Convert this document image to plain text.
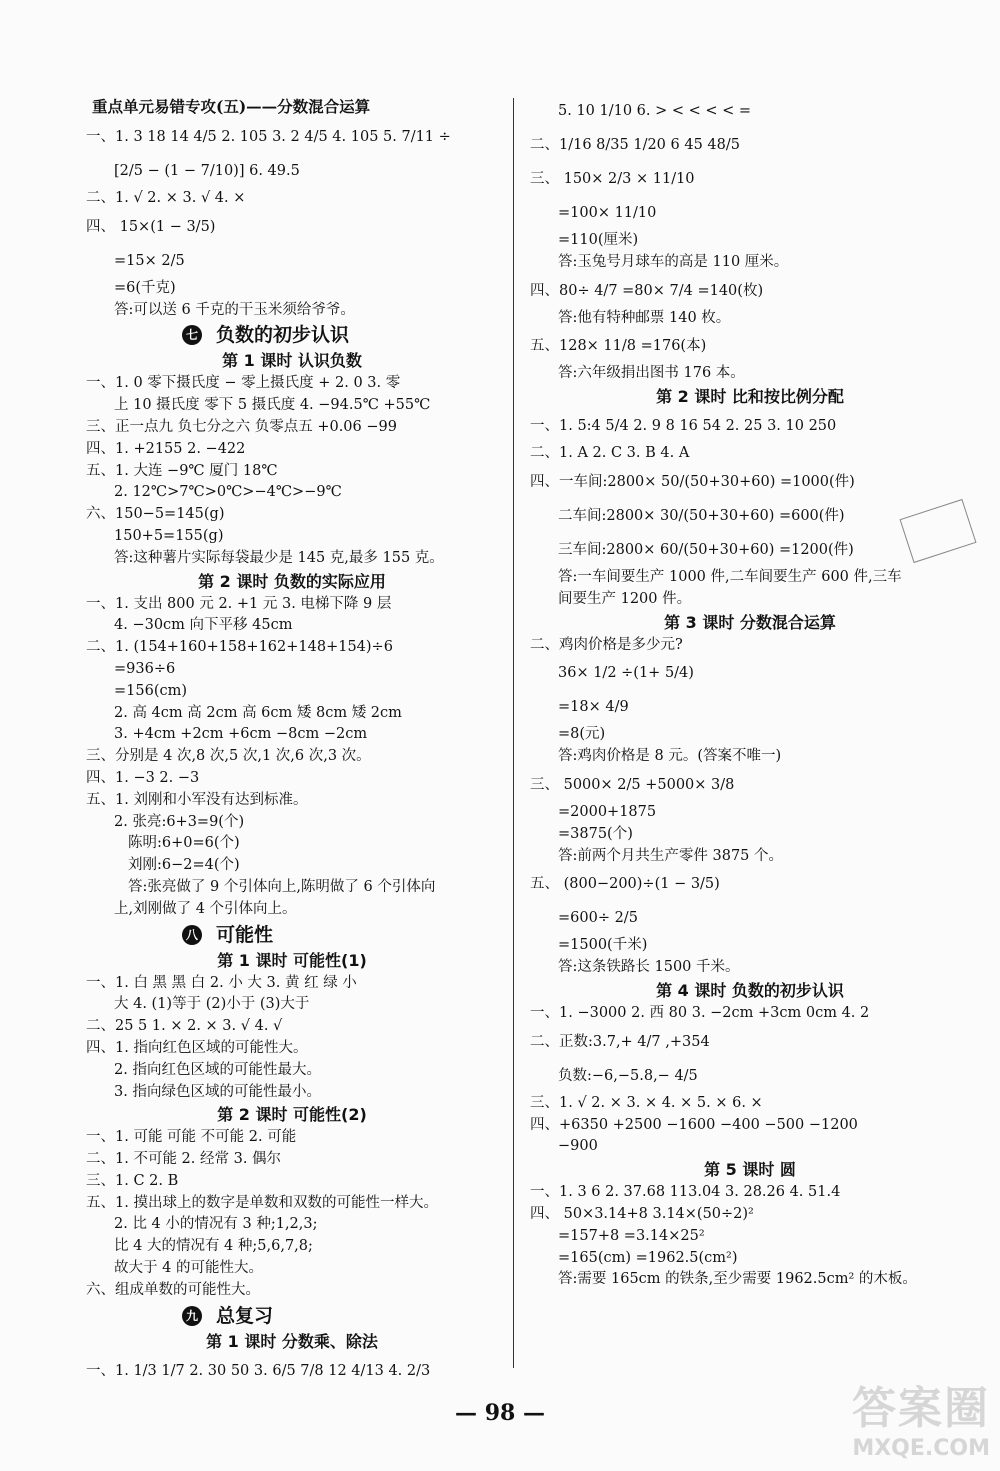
重点单元易错专攻(五)——分数混合运算
一、1. 3 18 14 4/5 2. 105 3. 2 4/5 4. 105 5. 7/11 ÷
[2/5 − (1 − 7/10)] 6. 49.5
二、1. √ 2. × 3. √ 4. ×
四、 15×(1 − 3/5)
=15× 2/5
=6(千克)
答:可以送 6 千克的干玉米须给爷爷。
七 负数的初步认识
第 1 课时 认识负数
一、1. 0 零下摄氏度 − 零上摄氏度 + 2. 0 3. 零
上 10 摄氏度 零下 5 摄氏度 4. −94.5℃ +55℃
三、正一点九 负七分之六 负零点五 +0.06 −99
四、1. +2155 2. −422
五、1. 大连 −9℃ 厦门 18℃
2. 12℃>7℃>0℃>−4℃>−9℃
六、150−5=145(g)
150+5=155(g)
答:这种薯片实际每袋最少是 145 克,最多 155 克。
第 2 课时 负数的实际应用
一、1. 支出 800 元 2. +1 元 3. 电梯下降 9 层
4. −30cm 向下平移 45cm
二、1. (154+160+158+162+148+154)÷6
=936÷6
=156(cm)
2. 高 4cm 高 2cm 高 6cm 矮 8cm 矮 2cm
3. +4cm +2cm +6cm −8cm −2cm
三、分别是 4 次,8 次,5 次,1 次,6 次,3 次。
四、1. −3 2. −3
五、1. 刘刚和小军没有达到标准。
2. 张亮:6+3=9(个)
陈明:6+0=6(个)
刘刚:6−2=4(个)
答:张亮做了 9 个引体向上,陈明做了 6 个引体向
上,刘刚做了 4 个引体向上。
八 可能性
第 1 课时 可能性(1)
一、1. 白 黑 黑 白 2. 小 大 3. 黄 红 绿 小
大 4. (1)等于 (2)小于 (3)大于
二、25 5 1. × 2. × 3. √ 4. √
四、1. 指向红色区域的可能性大。
2. 指向红色区域的可能性最大。
3. 指向绿色区域的可能性最小。
第 2 课时 可能性(2)
一、1. 可能 可能 不可能 2. 可能
二、1. 不可能 2. 经常 3. 偶尔
三、1. C 2. B
五、1. 摸出球上的数字是单数和双数的可能性一样大。
2. 比 4 小的情况有 3 种;1,2,3;
比 4 大的情况有 4 种;5,6,7,8;
故大于 4 的可能性大。
六、组成单数的可能性大。
九 总复习
第 1 课时 分数乘、除法
一、1. 1/3 1/7 2. 30 50 3. 6/5 7/8 12 4/13 4. 2/3
5. 10 1/10 6. > < < < < =
二、1/16 8/35 1/20 6 45 48/5
三、 150× 2/3 × 11/10
=100× 11/10
=110(厘米)
答:玉兔号月球车的高是 110 厘米。
四、80÷ 4/7 =80× 7/4 =140(枚)
答:他有特种邮票 140 枚。
五、128× 11/8 =176(本)
答:六年级捐出图书 176 本。
第 2 课时 比和按比例分配
一、1. 5:4 5/4 2. 9 8 16 54 2. 25 3. 10 250
二、1. A 2. C 3. B 4. A
四、一车间:2800× 50/(50+30+60) =1000(件)
二车间:2800× 30/(50+30+60) =600(件)
三车间:2800× 60/(50+30+60) =1200(件)
答:一车间要生产 1000 件,二车间要生产 600 件,三车
间要生产 1200 件。
第 3 课时 分数混合运算
二、鸡肉价格是多少元?
36× 1/2 ÷(1+ 5/4)
=18× 4/9
=8(元)
答:鸡肉价格是 8 元。(答案不唯一)
三、 5000× 2/5 +5000× 3/8
=2000+1875
=3875(个)
答:前两个月共生产零件 3875 个。
五、 (800−200)÷(1 − 3/5)
=600÷ 2/5
=1500(千米)
答:这条铁路长 1500 千米。
第 4 课时 负数的初步认识
一、1. −3000 2. 西 80 3. −2cm +3cm 0cm 4. 2
二、正数:3.7,+ 4/7 ,+354
负数:−6,−5.8,− 4/5
三、1. √ 2. × 3. × 4. × 5. × 6. ×
四、+6350 +2500 −1600 −400 −500 −1200
−900
第 5 课时 圆
一、1. 3 6 2. 37.68 113.04 3. 28.26 4. 51.4
四、 50×3.14+8 3.14×(50÷2)²
=157+8 =3.14×25²
=165(cm) =1962.5(cm²)
答:需要 165cm 的铁条,至少需要 1962.5cm² 的木板。
— 98 —	答案圈
MXQE.COM
